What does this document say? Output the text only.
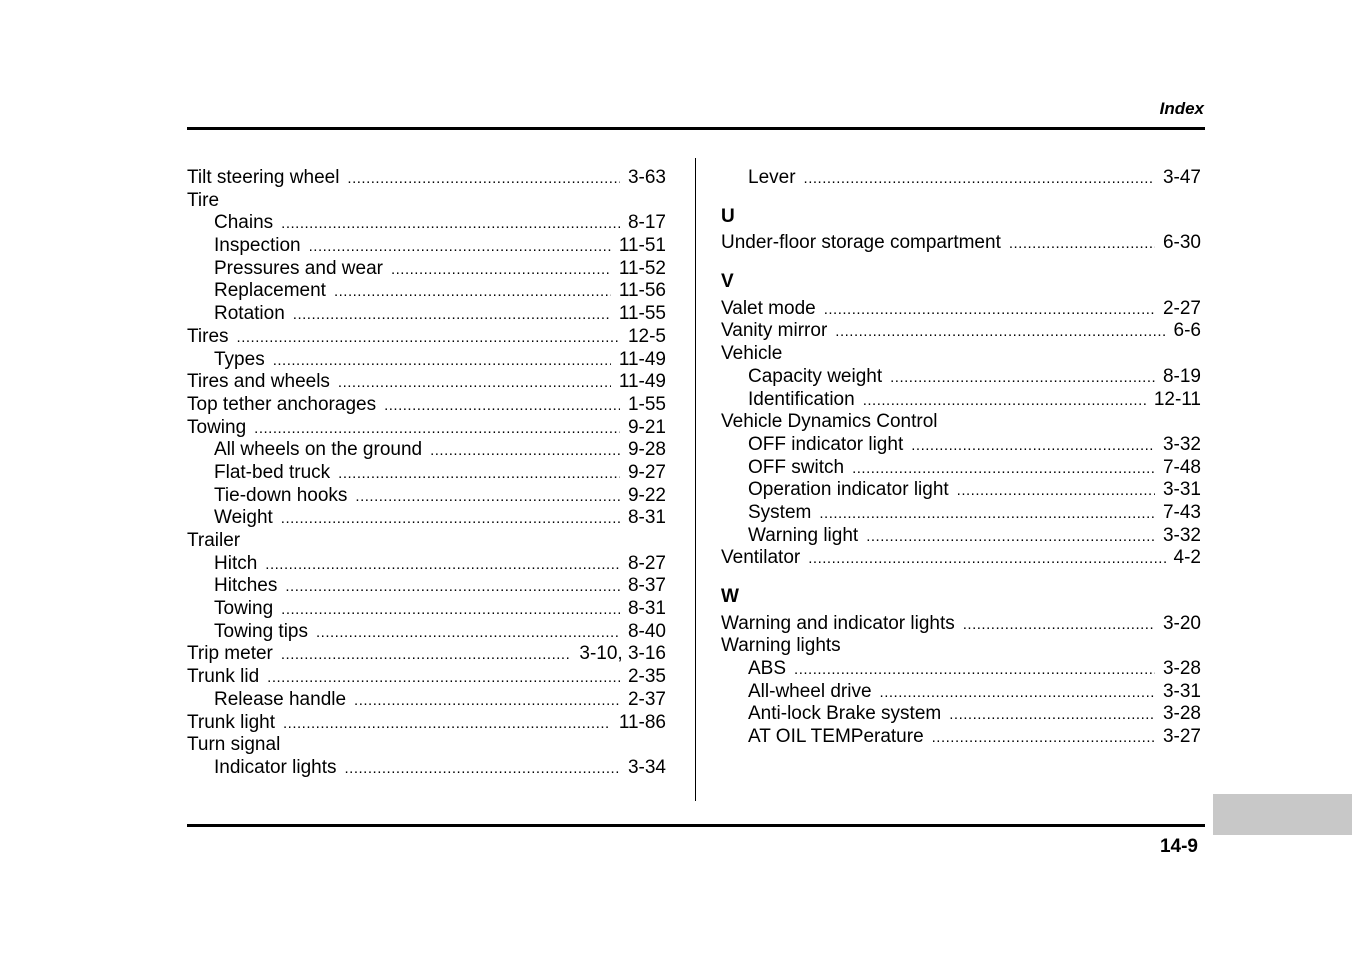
Index
Tilt steering wheel .....	3-63
Tire
Chains .....	8-17
Inspection .....	11-51
Pressures and wear .....	11-52
Replacement .....	11-56
Rotation .....	11-55
Tires .....	12-5
Types .....	11-49
Tires and wheels .....	11-49
Top tether anchorages .....	1-55
Towing .....	9-21
All wheels on the ground .....	9-28
Flat-bed truck .....	9-27
Tie-down hooks .....	9-22
Weight .....	8-31
Trailer
Hitch .....	8-27
Hitches .....	8-37
Towing .....	8-31
Towing tips .....	8-40
Trip meter .....	3-10, 3-16
Trunk lid .....	2-35
Release handle .....	2-37
Trunk light .....	11-86
Turn signal
Indicator lights .....	3-34
Lever .....	3-47
U
Under-floor storage compartment .....	6-30
V
Valet mode .....	2-27
Vanity mirror .....	6-6
Vehicle
Capacity weight .....	8-19
Identification .....	12-11
Vehicle Dynamics Control
OFF indicator light .....	3-32
OFF switch .....	7-48
Operation indicator light .....	3-31
System .....	7-43
Warning light .....	3-32
Ventilator .....	4-2
W
Warning and indicator lights .....	3-20
Warning lights
ABS .....	3-28
All-wheel drive .....	3-31
Anti-lock Brake system .....	3-28
AT OIL TEMPerature .....	3-27
14-9
